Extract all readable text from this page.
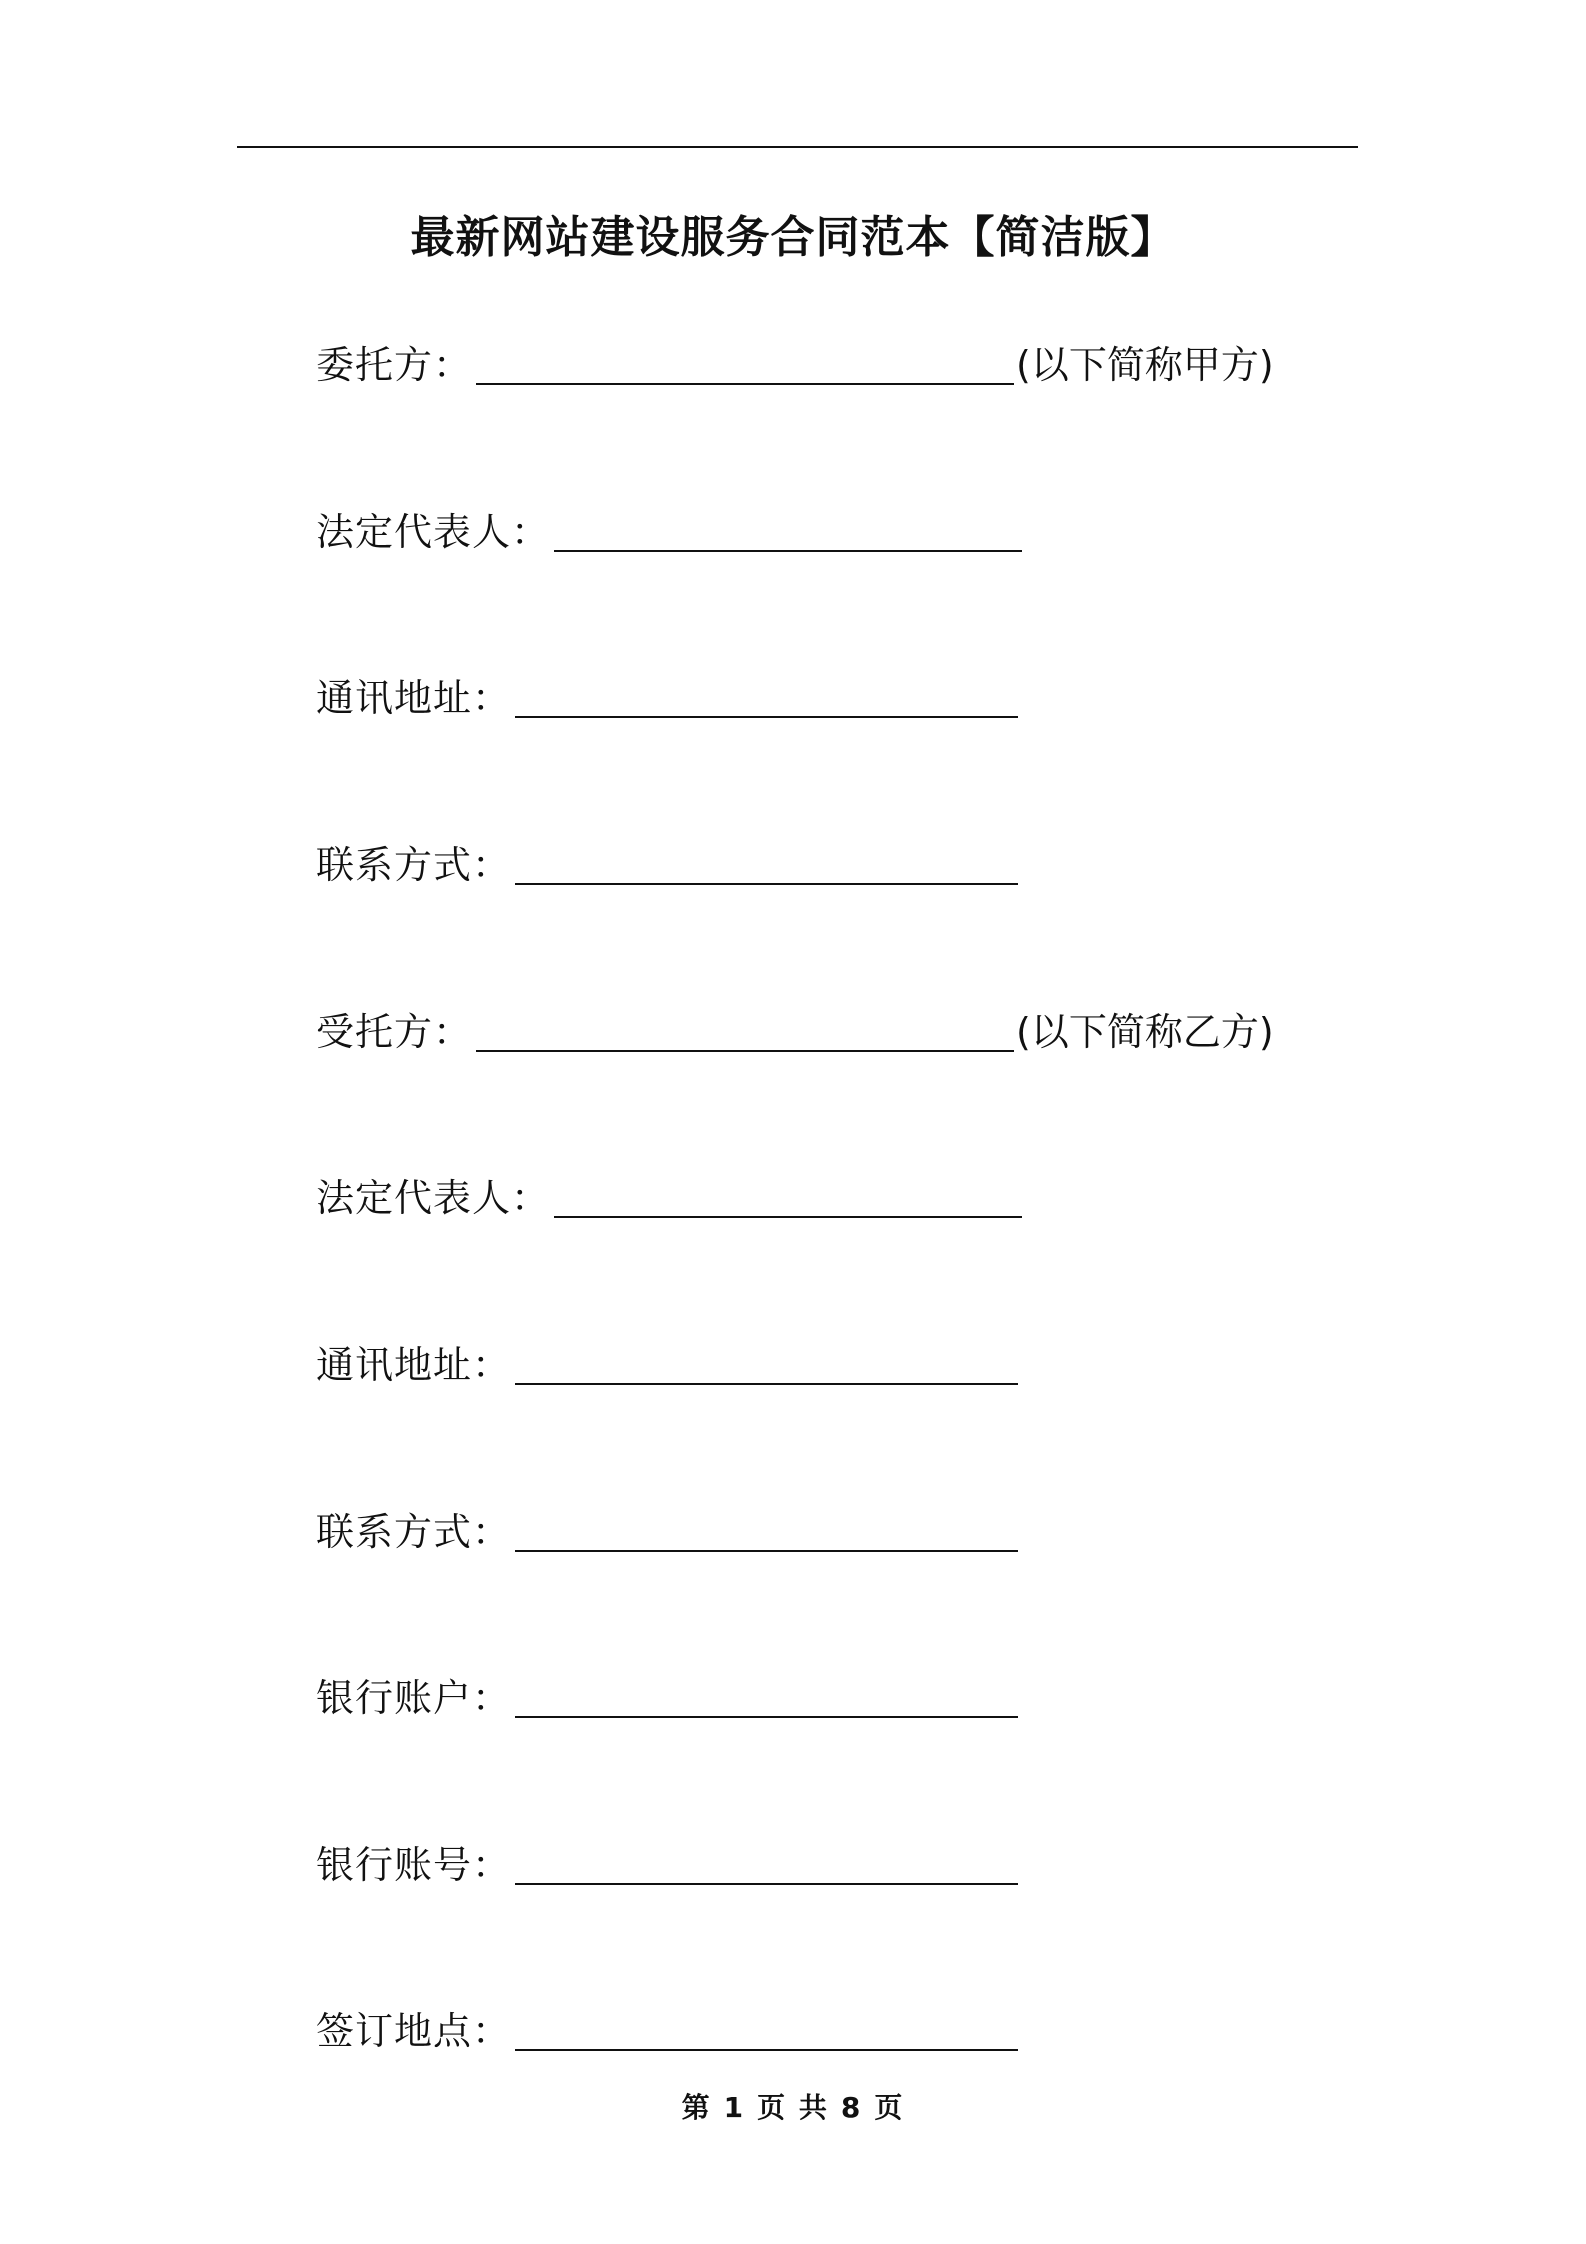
最新网站建设服务合同范本【简洁版】
委托方：	(以下简称甲方)
法定代表人：
通讯地址：
联系方式：
受托方：	(以下简称乙方)
法定代表人：
通讯地址：
联系方式：
银行账户：
银行账号：
签订地点：
第 1 页 共 8 页
